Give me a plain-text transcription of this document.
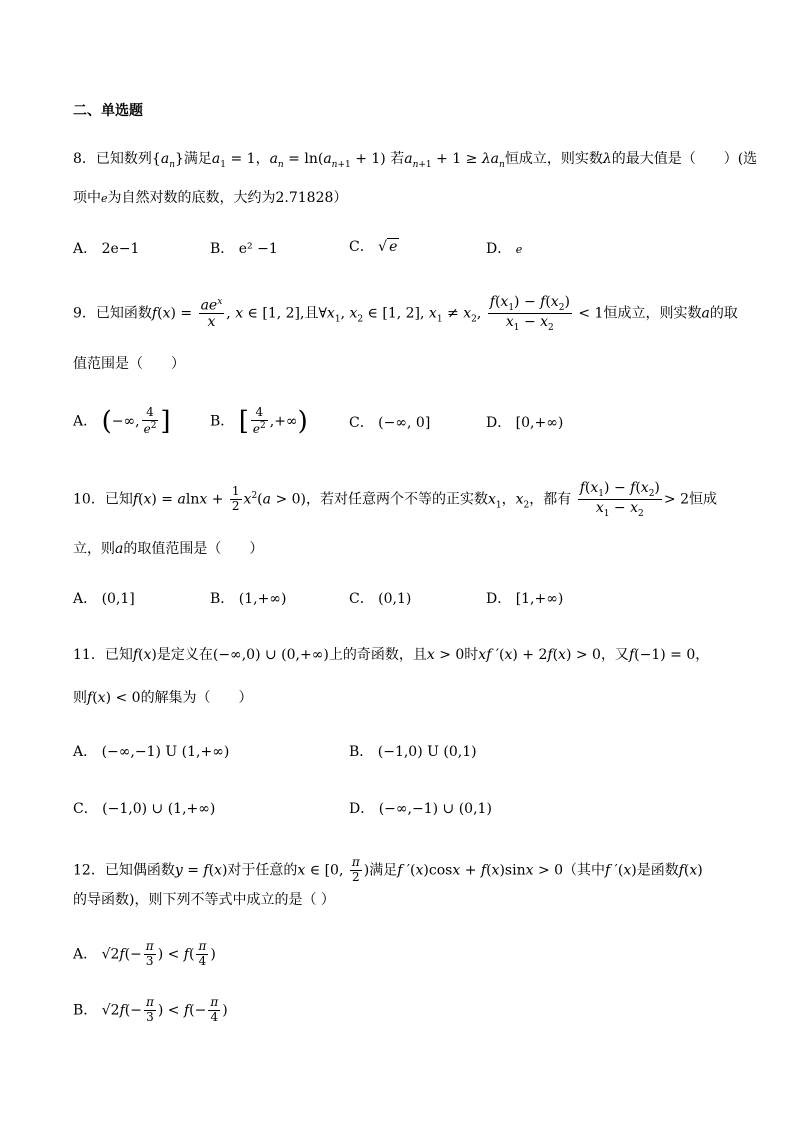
二、单选题
8．已知数列$\{a_n\}$满足$a_1 = 1$，$a_n = \ln(a_{n+1} + 1)$ 若$a_{n+1} + 1 \ge \lambda a_n$恒成立，则实数λ的最大值是（　　）(选
项中e为自然对数的底数，大约为2.71828）
A． 2e−1	B． e² −1	C． √ e	D． e
9．已知函数$f(x) = \frac{ae^x}{x}$ , x ∈ [1, 2],且$\forall x_1$, $x_2$ ∈ [1, 2], $x_1 \ne x_2$, $\frac{f(x_1) - f(x_2)}{x_1 - x_2} < 1$恒成立，则实数a的取
值范围是（　　）
A． (−∞, $\frac{4}{e^2}$ ]	B． [ $\frac{4}{e^2}$ ,+∞)	C． (−∞, 0]	D． [0,+∞)
10．已知$f(x) = alnx + \frac{1}{2} x^2(a > 0)$，若对任意两个不等的正实数$x_1$，$x_2$，都有 $\frac{f(x_1) - f(x_2)}{x_1 - x_2} > 2$恒成
立，则a的取值范围是（　　）
A． (0,1]	B． (1,+∞)	C． (0,1)	D． [1,+∞)
11．已知f(x)是定义在(−∞,0) ∪ (0,+∞)上的奇函数，且x > 0时xf ′(x) + 2f(x) > 0，又f(−1) = 0，
则f(x) < 0的解集为（　　）
A． (−∞,−1) U (1,+∞)	B． (−1,0) U (0,1)
C． (−1,0) ∪ (1,+∞)	D． (−∞,−1) ∪ (0,1)
12．已知偶函数y = f(x)对于任意的x ∈ [0, $\frac{\pi}{2}$ )满足f ′(x)cosx + f(x)sinx > 0（其中f ′(x)是函数f(x)
的导函数)，则下列不等式中成立的是（ ）
A． $√2f(- \frac{\pi}{3}$ ) < $f( \frac{\pi}{4}$ )
B． $√2f(- \frac{\pi}{3}$ ) < $f(- \frac{\pi}{4}$ )
